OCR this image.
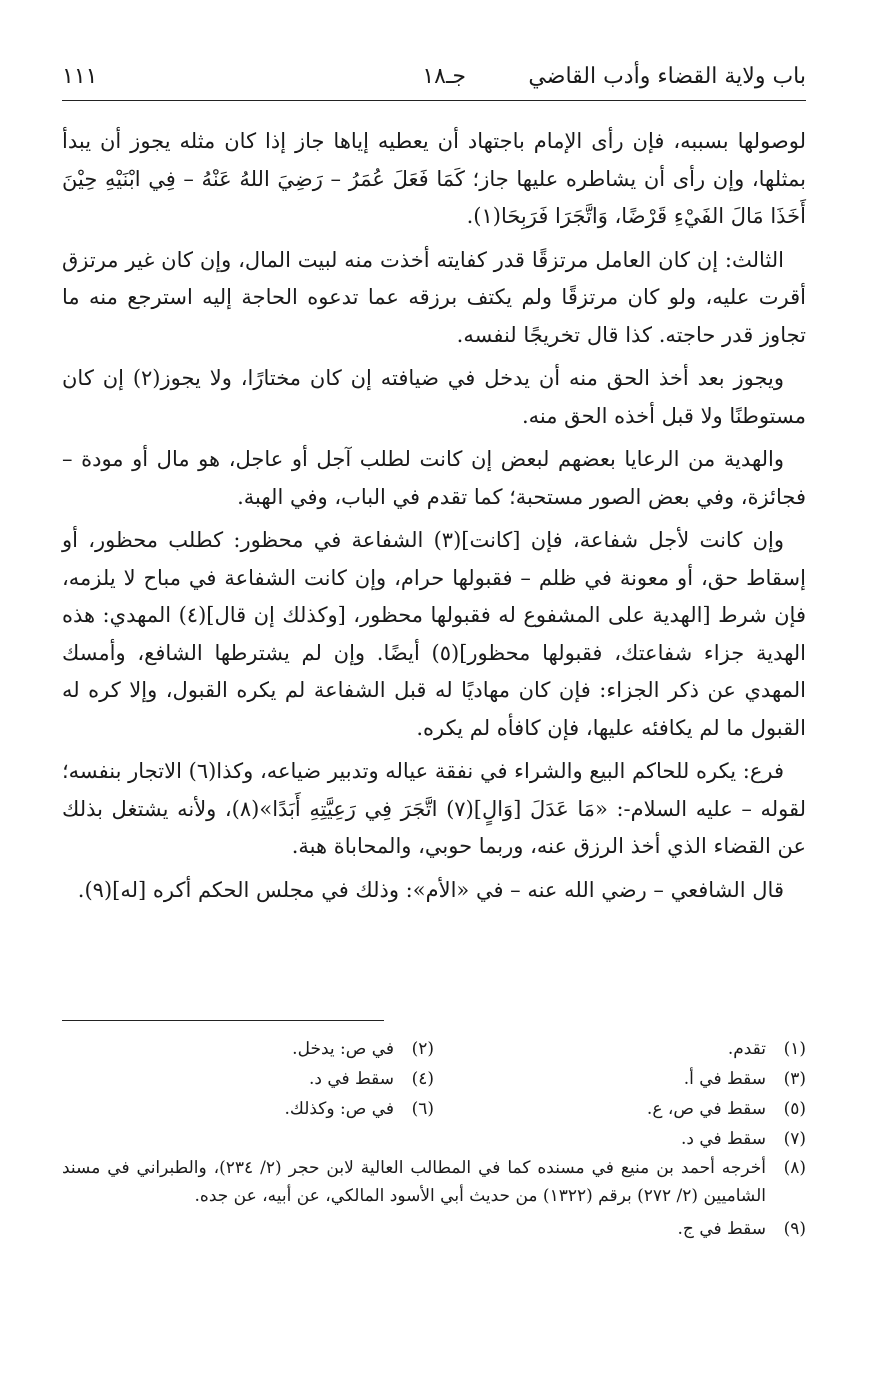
باب ولاية القضاء وأدب القاضي
جـ١٨
١١١

لوصولها بسببه، فإن رأى الإمام باجتهاد أن يعطيه إياها جاز إذا كان مثله يجوز أن يبدأ بمثلها، وإن رأى أن يشاطره عليها جاز؛ كَمَا فَعَلَ عُمَرُ – رَضِيَ اللهُ عَنْهُ – فِي ابْنَيْهِ حِيْنَ أَخَذَا مَالَ الفَيْءِ قَرْضًا، وَاتَّجَرَا فَرَبِحَا(١).

الثالث: إن كان العامل مرتزقًا قدر كفايته أخذت منه لبيت المال، وإن كان غير مرتزق أقرت عليه، ولو كان مرتزقًا ولم يكتف برزقه عما تدعوه الحاجة إليه استرجع منه ما تجاوز قدر حاجته. كذا قال تخريجًا لنفسه.

ويجوز بعد أخذ الحق منه أن يدخل في ضيافته إن كان مختارًا، ولا يجوز(٢) إن كان مستوطنًا ولا قبل أخذه الحق منه.

والهدية من الرعايا بعضهم لبعض إن كانت لطلب آجل أو عاجل، هو مال أو مودة – فجائزة، وفي بعض الصور مستحبة؛ كما تقدم في الباب، وفي الهبة.

وإن كانت لأجل شفاعة، فإن [كانت](٣) الشفاعة في محظور: كطلب محظور، أو إسقاط حق، أو معونة في ظلم – فقبولها حرام، وإن كانت الشفاعة في مباح لا يلزمه، فإن شرط [الهدية على المشفوع له فقبولها محظور، [وكذلك إن قال](٤) المهدي: هذه الهدية جزاء شفاعتك، فقبولها محظور](٥) أيضًا. وإن لم يشترطها الشافع، وأمسك المهدي عن ذكر الجزاء: فإن كان مهاديًا له قبل الشفاعة لم يكره القبول، وإلا كره له القبول ما لم يكافئه عليها، فإن كافأه لم يكره.

فرع: يكره للحاكم البيع والشراء في نفقة عياله وتدبير ضياعه، وكذا(٦) الاتجار بنفسه؛ لقوله – عليه السلام-: «مَا عَدَلَ [وَالٍ](٧) اتَّجَرَ فِي رَعِيَّتِهِ أَبَدًا»(٨)، ولأنه يشتغل بذلك عن القضاء الذي أخذ الرزق عنه، وربما حوبي، والمحاباة هبة.

قال الشافعي – رضي الله عنه – في «الأم»: وذلك في مجلس الحكم أكره [له](٩).

(١)تقدم.
(٢)في ص: يدخل.
(٣)سقط في أ.
(٤)سقط في د.
(٥)سقط في ص، ع.
(٦)في ص: وكذلك.
(٧)سقط في د.
(٨)
أخرجه أحمد بن منيع في مسنده كما في المطالب العالية لابن حجر (٢/ ٢٣٤)، والطبراني في مسند الشاميين (٢/ ٢٧٢) برقم (١٣٢٢) من حديث أبي الأسود المالكي، عن أبيه، عن جده.
(٩)سقط في ج.
